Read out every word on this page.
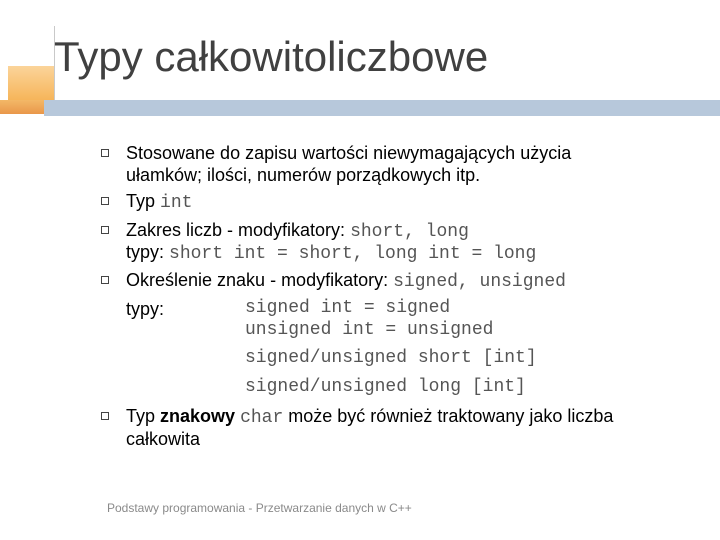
Typy całkowitoliczbowe
Stosowane do zapisu wartości niewymagających użycia
ułamków; ilości, numerów porządkowych itp.
Typ int
Zakres liczb - modyfikatory: short, long
typy: short int = short, long int = long
Określenie znaku - modyfikatory: signed, unsigned
typy:	signed int = signed
unsigned int = unsigned
signed/unsigned short [int]
signed/unsigned long [int]
Typ znakowy char może być również traktowany jako liczba
całkowita
Podstawy programowania - Przetwarzanie danych w C++
